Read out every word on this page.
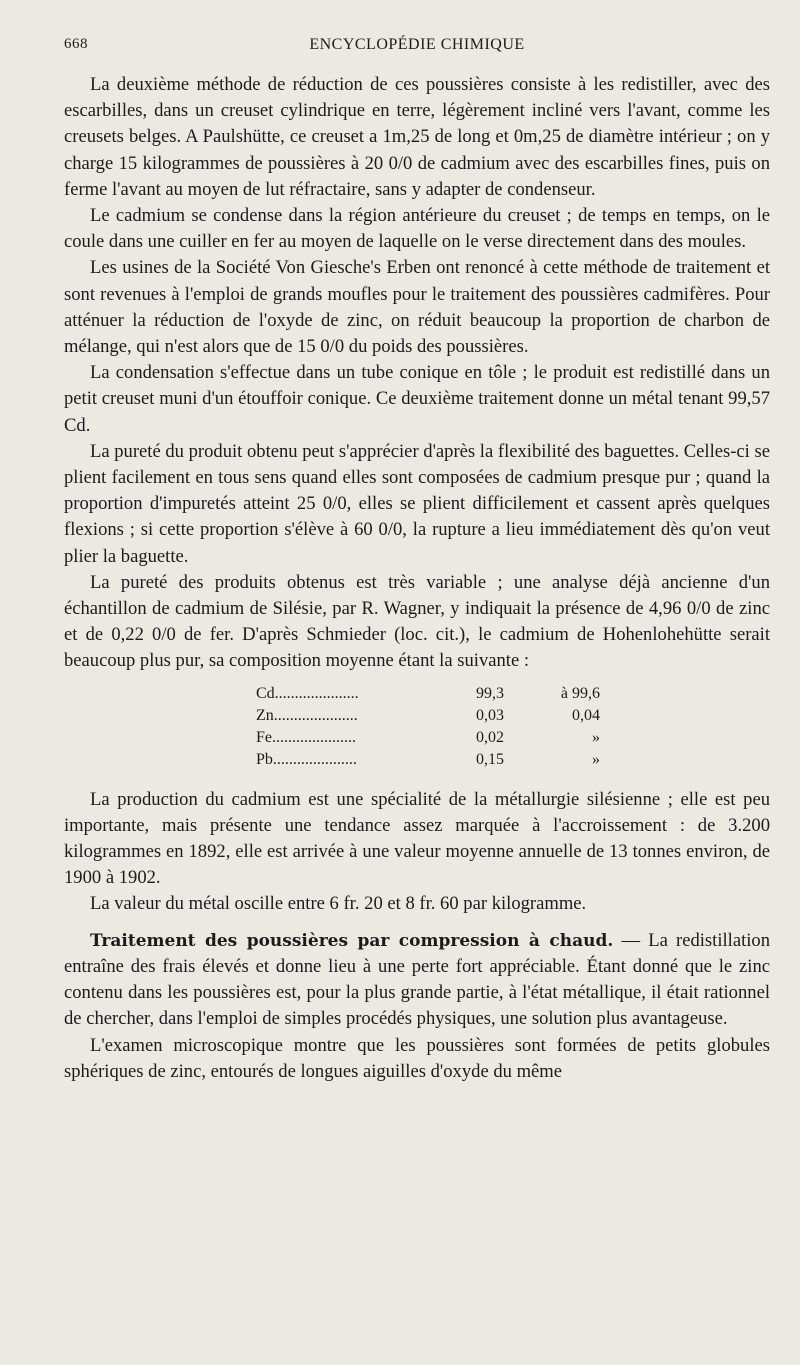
668	ENCYCLOPÉDIE CHIMIQUE

La deuxième méthode de réduction de ces poussières consiste à les redistiller, avec des escarbilles, dans un creuset cylindrique en terre, légèrement incliné vers l'avant, comme les creusets belges. A Paulshütte, ce creuset a 1m,25 de long et 0m,25 de diamètre intérieur ; on y charge 15 kilogrammes de poussières à 20 0/0 de cadmium avec des escarbilles fines, puis on ferme l'avant au moyen de lut réfractaire, sans y adapter de condenseur.

Le cadmium se condense dans la région antérieure du creuset ; de temps en temps, on le coule dans une cuiller en fer au moyen de laquelle on le verse directement dans des moules.

Les usines de la Société Von Giesche's Erben ont renoncé à cette méthode de traitement et sont revenues à l'emploi de grands moufles pour le traitement des poussières cadmifères. Pour atténuer la réduction de l'oxyde de zinc, on réduit beaucoup la proportion de charbon de mélange, qui n'est alors que de 15 0/0 du poids des poussières.

La condensation s'effectue dans un tube conique en tôle ; le produit est redistillé dans un petit creuset muni d'un étouffoir conique. Ce deuxième traitement donne un métal tenant 99,57 Cd.

La pureté du produit obtenu peut s'apprécier d'après la flexibilité des baguettes. Celles-ci se plient facilement en tous sens quand elles sont composées de cadmium presque pur ; quand la proportion d'impuretés atteint 25 0/0, elles se plient difficilement et cassent après quelques flexions ; si cette proportion s'élève à 60 0/0, la rupture a lieu immédiatement dès qu'on veut plier la baguette.

La pureté des produits obtenus est très variable ; une analyse déjà ancienne d'un échantillon de cadmium de Silésie, par R. Wagner, y indiquait la présence de 4,96 0/0 de zinc et de 0,22 0/0 de fer. D'après Schmieder (loc. cit.), le cadmium de Hohenlohehütte serait beaucoup plus pur, sa composition moyenne étant la suivante :

Cd.....................	99,3	à 99,6
Zn.....................	0,03	0,04
Fe.....................	0,02	»
Pb.....................	0,15	»

La production du cadmium est une spécialité de la métallurgie silésienne ; elle est peu importante, mais présente une tendance assez marquée à l'accroissement : de 3.200 kilogrammes en 1892, elle est arrivée à une valeur moyenne annuelle de 13 tonnes environ, de 1900 à 1902.

La valeur du métal oscille entre 6 fr. 20 et 8 fr. 60 par kilogramme.

Traitement des poussières par compression à chaud. — La redistillation entraîne des frais élevés et donne lieu à une perte fort appréciable. Étant donné que le zinc contenu dans les poussières est, pour la plus grande partie, à l'état métallique, il était rationnel de chercher, dans l'emploi de simples procédés physiques, une solution plus avantageuse.

L'examen microscopique montre que les poussières sont formées de petits globules sphériques de zinc, entourés de longues aiguilles d'oxyde du même
